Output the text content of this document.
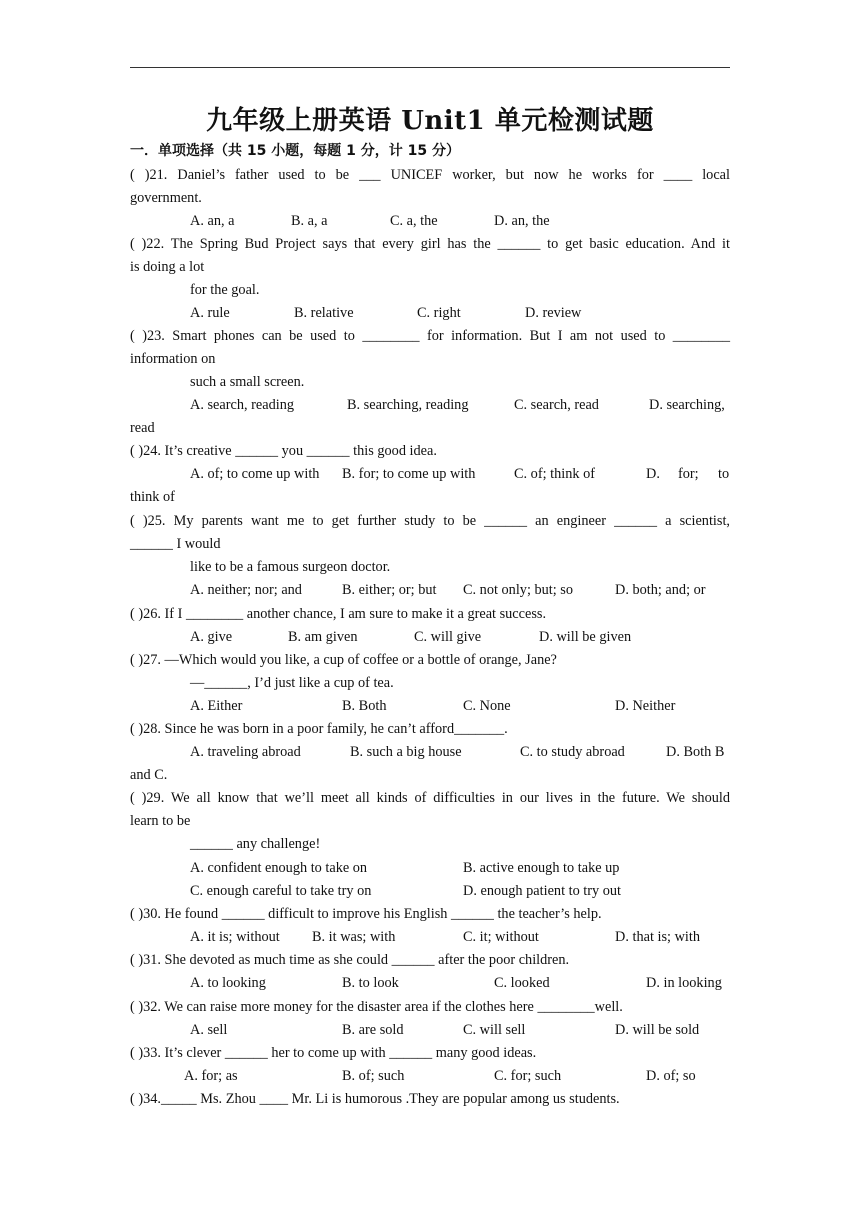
九年级上册英语 Unit1 单元检测试题
一．单项选择（共 15 小题，每题 1 分，计 15 分）
( )21. Daniel’s father used to be ___ UNICEF worker, but now he works for ____ local
government.
A. an, a	B. a, a	C. a, the	D. an, the
( )22. The Spring Bud Project says that every girl has the ______ to get basic education. And it
is doing a lot
for the goal.
A. rule	B. relative	C. right	D. review
( )23. Smart phones can be used to ________ for information. But I am not used to ________
information on
such a small screen.
A. search, reading	B. searching, reading	C. search, read	D. searching,
read
( )24. It’s creative ______ you ______ this good idea.
A. of; to come up with B. for; to come up with	C. of; think of	D. for; to
think of
( )25. My parents want me to get further study to be ______ an engineer ______ a scientist,
______ I would
like to be a famous surgeon doctor.
A. neither; nor; and	B. either; or; but C. not only; but; so	D. both; and; or
( )26. If I ________ another chance, I am sure to make it a great success.
A. give	B. am given	C. will give	D. will be given
( )27. —Which would you like, a cup of coffee or a bottle of orange, Jane?
—______, I’d just like a cup of tea.
A. Either	B. Both	C. None	D. Neither
( )28. Since he was born in a poor family, he can’t afford_______.
A. traveling abroad	B. such a big house	C. to study abroad	D. Both B
and C.
( )29. We all know that we’ll meet all kinds of difficulties in our lives in the future. We should
learn to be
______ any challenge!
A. confident enough to take on	B. active enough to take up
C. enough careful to take try on	D. enough patient to try out
( )30. He found ______ difficult to improve his English ______ the teacher’s help.
A. it is; without B. it was; with	C. it; without	D. that is; with
( )31. She devoted as much time as she could ______ after the poor children.
A. to looking	B. to look	C. looked	D. in looking
( )32. We can raise more money for the disaster area if the clothes here ________well.
A. sell	B. are sold	C. will sell	D. will be sold
( )33. It’s clever ______ her to come up with ______ many good ideas.
A. for; as	B. of; such	C. for; such	D. of; so
( )34._____ Ms. Zhou ____ Mr. Li is humorous .They are popular among us students.
